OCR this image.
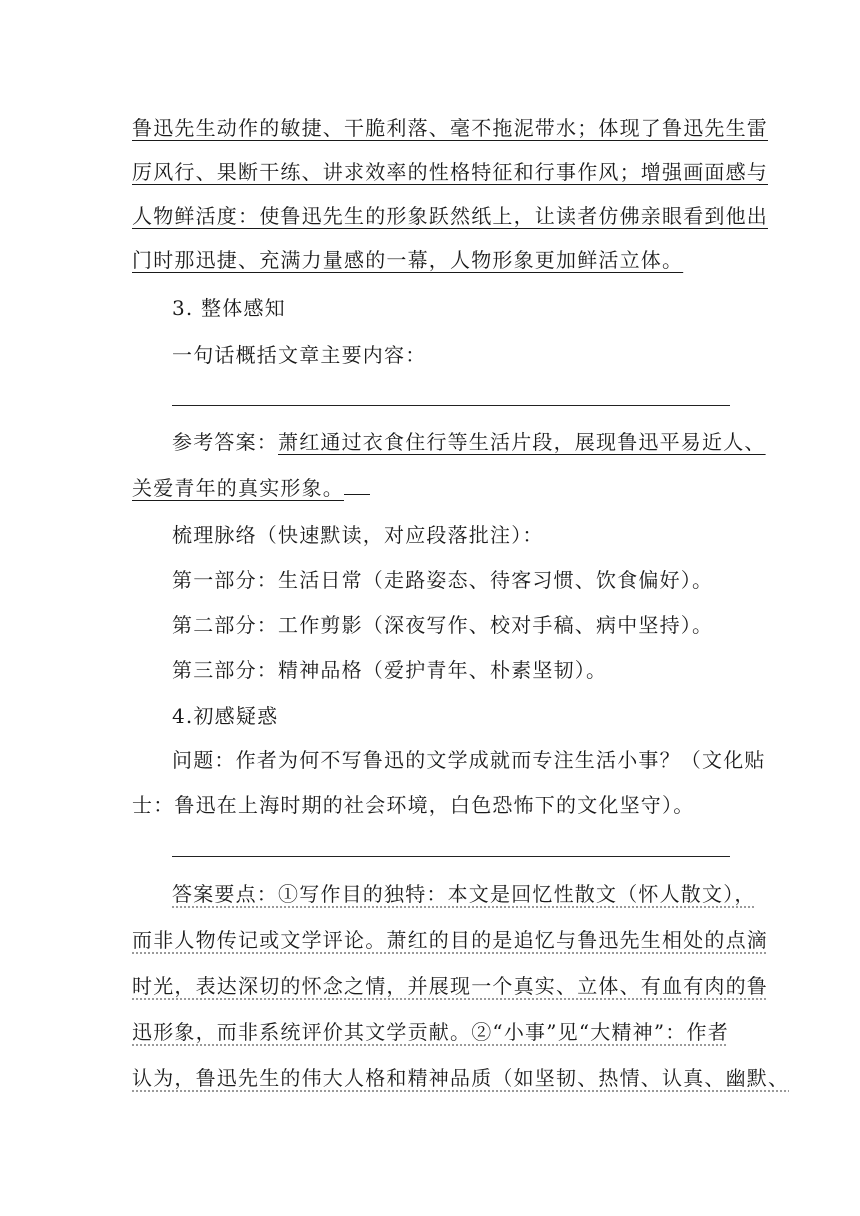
鲁迅先生动作的敏捷、干脆利落、毫不拖泥带水；体现了鲁迅先生雷
厉风行、果断干练、讲求效率的性格特征和行事作风；增强画面感与
人物鲜活度：使鲁迅先生的形象跃然纸上，让读者仿佛亲眼看到他出
门时那迅捷、充满力量感的一幕，人物形象更加鲜活立体。
3. 整体感知
一句话概括文章主要内容：
参考答案：萧红通过衣食住行等生活片段，展现鲁迅平易近人、
关爱青年的真实形象。
梳理脉络（快速默读，对应段落批注）：
第一部分：生活日常（走路姿态、待客习惯、饮食偏好）。
第二部分：工作剪影（深夜写作、校对手稿、病中坚持）。
第三部分：精神品格（爱护青年、朴素坚韧）。
4.初感疑惑
问题：作者为何不写鲁迅的文学成就而专注生活小事？（文化贴
士：鲁迅在上海时期的社会环境，白色恐怖下的文化坚守）。
答案要点：①写作目的独特：本文是回忆性散文（怀人散文），
而非人物传记或文学评论。萧红的目的是追忆与鲁迅先生相处的点滴
时光，表达深切的怀念之情，并展现一个真实、立体、有血有肉的鲁
迅形象，而非系统评价其文学贡献。②“小事”见“大精神”：作者
认为，鲁迅先生的伟大人格和精神品质（如坚韧、热情、认真、幽默、
